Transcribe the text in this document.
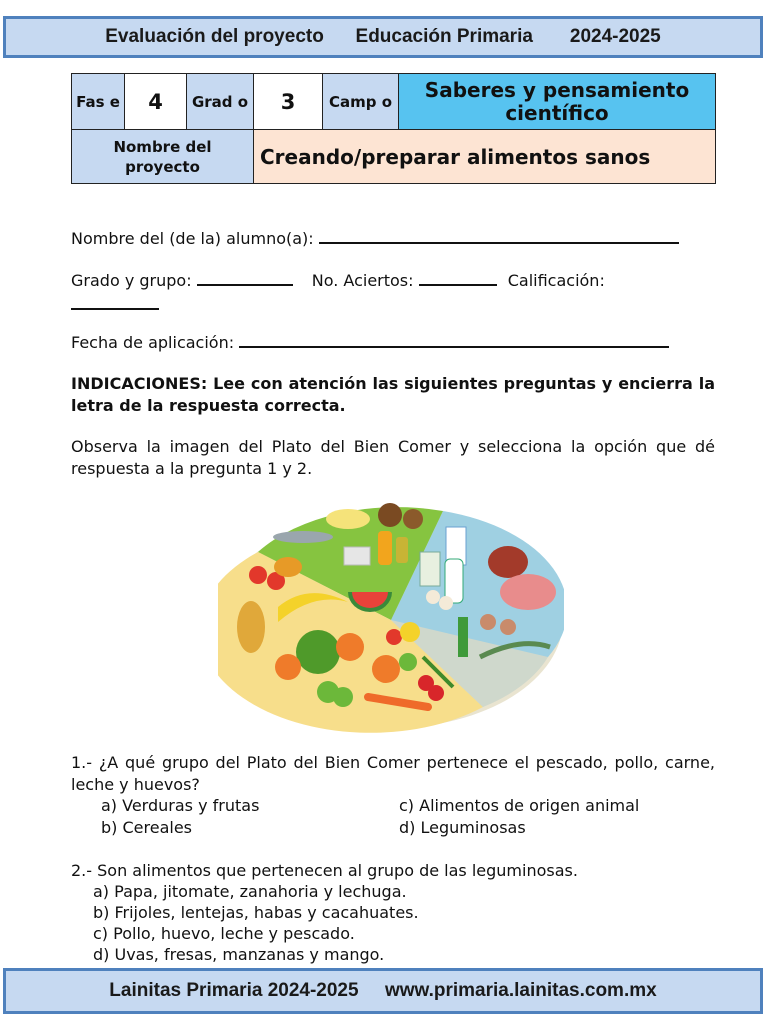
Evaluación del proyecto
Educación Primaria
2024-2025
Fas e	4	Grad o	3	Camp o	Saberes y pensamiento científico
Nombre del proyecto			Creando/preparar alimentos sanos		
Nombre del (de la) alumno(a):
Grado y grupo:	No. Aciertos:	Calificación:
Fecha de aplicación:
INDICACIONES: Lee con atención las siguientes preguntas y encierra la letra de la respuesta correcta.
Observa la imagen del Plato del Bien Comer y selecciona la opción que dé respuesta a la pregunta 1 y 2.
1.- ¿A qué grupo del Plato del Bien Comer pertenece el pescado, pollo, carne, leche y huevos?
a) Verduras y frutas	c) Alimentos de origen animal
b) Cereales	d) Leguminosas
2.- Son alimentos que pertenecen al grupo de las leguminosas.
a) Papa, jitomate, zanahoria y lechuga.
b) Frijoles, lentejas, habas y cacahuates.
c) Pollo, huevo, leche y pescado.
d) Uvas, fresas, manzanas y mango.
Lainitas Primaria 2024-2025
www.primaria.lainitas.com.mx
